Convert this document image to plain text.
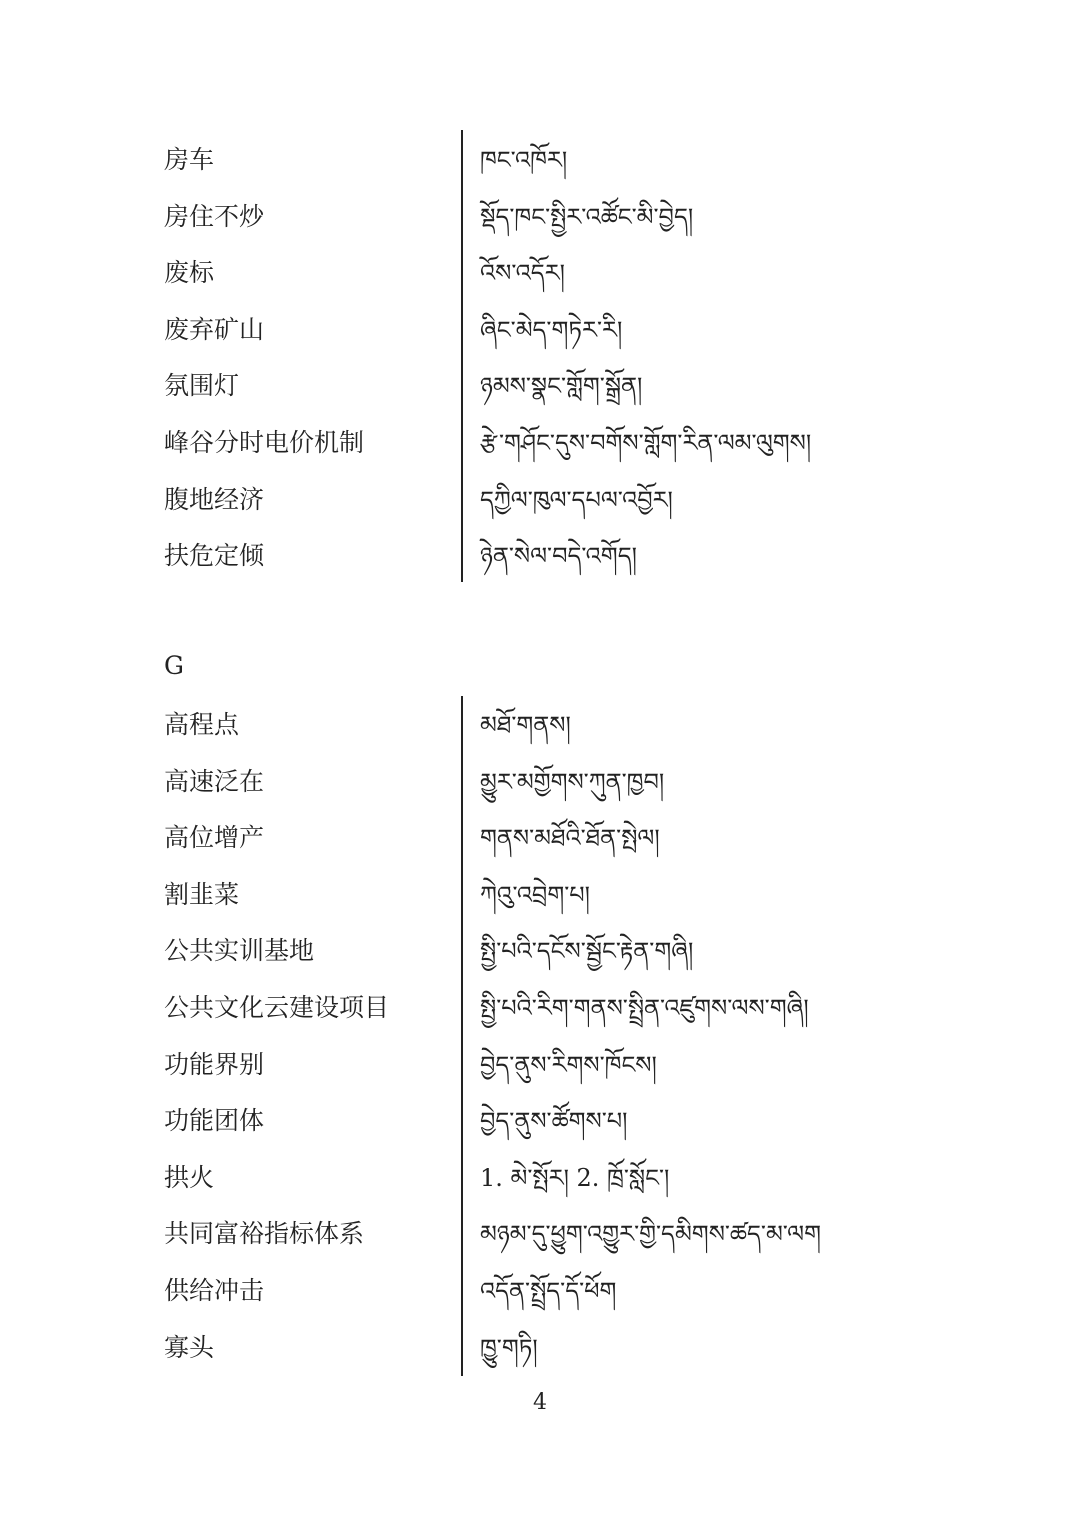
房车	ཁང་འཁོར།
房住不炒	སྡོད་ཁང་སྤྱིར་འཚོང་མི་བྱེད།
废标	འོས་འདོར།
废弃矿山	ཞིང་མེད་གཏེར་རི།
氛围灯	ཉམས་སྣང་གློག་སྒྲོན།
峰谷分时电价机制	རྩེ་གཤོང་དུས་བགོས་གློག་རིན་ལམ་ལུགས།
腹地经济	དཀྱིལ་ཁུལ་དཔལ་འབྱོར།
扶危定倾	ཉེན་སེལ་བདེ་འགོད།
G
高程点	མཐོ་གནས།
高速泛在	མྱུར་མགྱོགས་ཀུན་ཁྱབ།
高位增产	གནས་མཐོའི་ཐོན་སྤེལ།
割韭菜	ཀེའུ་འབྲེག་པ།
公共实训基地	སྤྱི་པའི་དངོས་སྦྱོང་རྟེན་གཞི།
公共文化云建设项目	སྤྱི་པའི་རིག་གནས་སྤྲིན་འཛུགས་ལས་གཞི།
功能界别	བྱེད་ནུས་རིགས་ཁོངས།
功能团体	བྱེད་ནུས་ཚོགས་པ།
拱火	1. མེ་སྤོར། 2. ཁྲོ་སློང་།
共同富裕指标体系	མཉམ་དུ་ཕྱུག་འགྱུར་གྱི་དམིགས་ཚད་མ་ལག
供给冲击	འདོན་སྤྲོད་དོ་ཕོག
寡头	ཁྱུ་གཏི།
4
